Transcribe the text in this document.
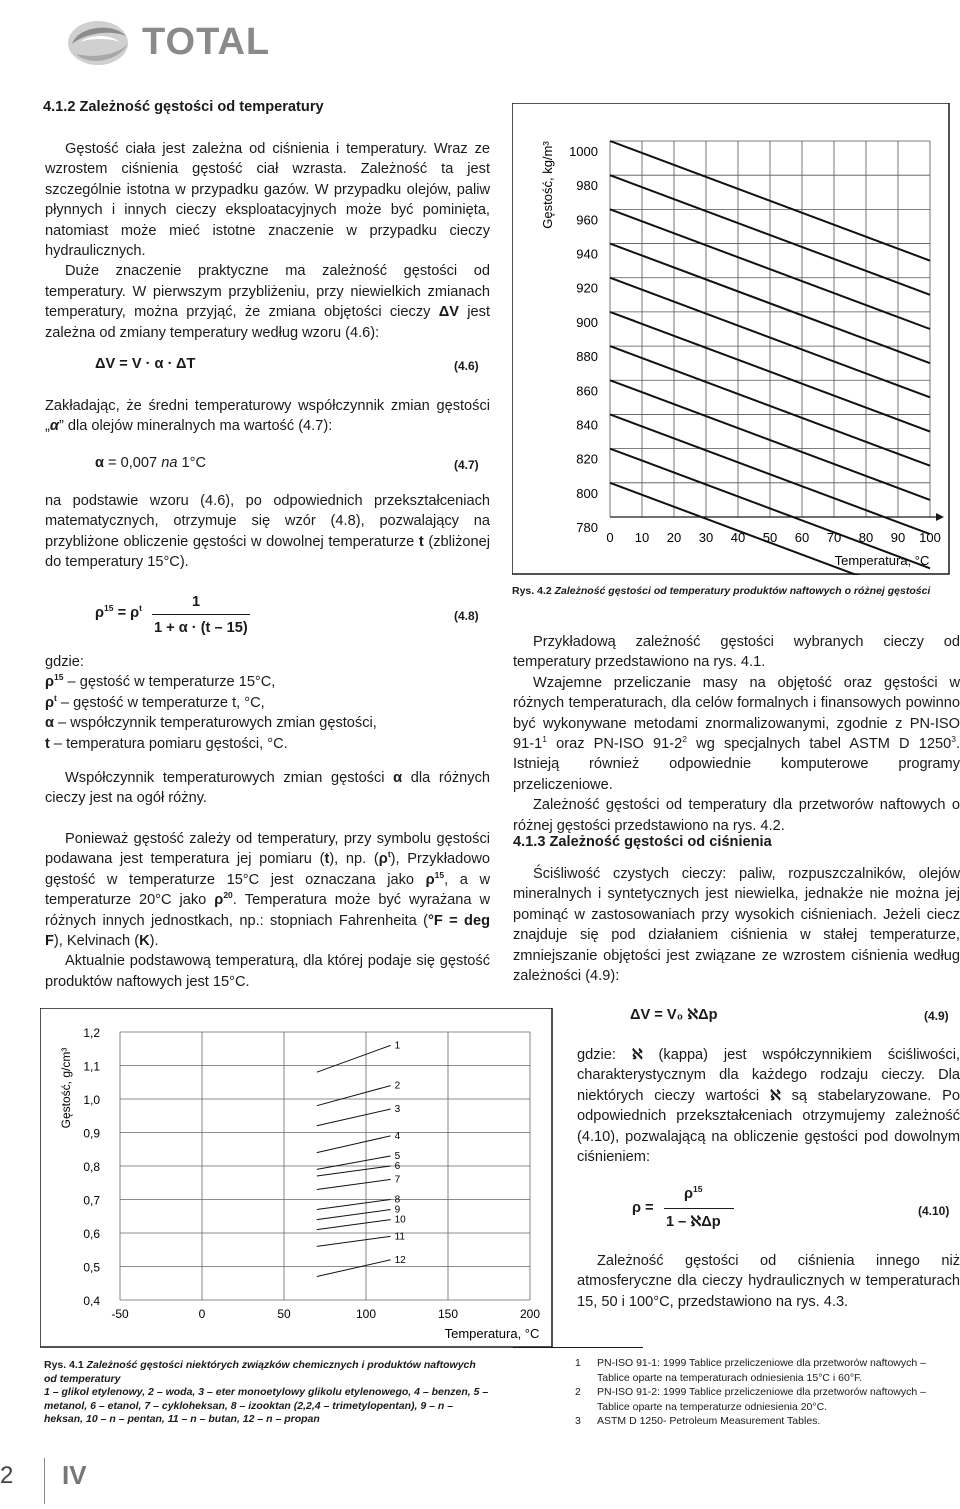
TOTAL
4.1.2 Zależność gęstości od temperatury

Gęstość ciała jest zależna od ciśnienia i temperatury. Wraz ze wzrostem ciśnienia gęstość ciał wzrasta. Zależność ta jest szczególnie istotna w przypadku gazów. W przypadku olejów, paliw płynnych i innych cieczy eksploatacyjnych może być pominięta, natomiast może mieć istotne znaczenie w przypadku cieczy hydraulicznych.

Duże znaczenie praktyczne ma zależność gęstości od temperatury. W pierwszym przybliżeniu, przy niewielkich zmianach temperatury, można przyjąć, że zmiana objętości cieczy ΔV jest zależna od zmiany temperatury według wzoru (4.6):

ΔV = V · α · ΔT	(4.6)

Zakładając, że średni temperaturowy współczynnik zmian gęstości „α” dla olejów mineralnych ma wartość (4.7):

α = 0,007 na 1°C	(4.7)

na podstawie wzoru (4.6), po odpowiednich przekształceniach matematycznych, otrzymuje się wzór (4.8), pozwalający na przybliżone obliczenie gęstości w dowolnej temperaturze t (zbliżonej do temperatury 15°C).

$\rho^{15} = \rho^t$	1
1 + α · (t – 15)
(4.8)
gdzie:
$\rho^{15}$ – gęstość w temperaturze 15°C,
$\rho^t$ – gęstość w temperaturze t, °C,
α – współczynnik temperaturowych zmian gęstości,
t – temperatura pomiaru gęstości, °C.

Współczynnik temperaturowych zmian gęstości α dla różnych cieczy jest na ogół różny.

Ponieważ gęstość zależy od temperatury, przy symbolu gęstości podawana jest temperatura jej pomiaru (t), np. $(\rho^t)$, Przykładowo gęstość w temperaturze 15°C jest oznaczana jako $\rho^{15}$, a w temperaturze 20°C jako $\rho^{20}$. Temperatura może być wyrażana w różnych innych jednostkach, np.: stopniach Fahrenheita (°F = deg F), Kelvinach (K).

Aktualnie podstawową temperaturą, dla której podaje się gęstość produktów naftowych jest 15°C.

0 10 20 30 40 50 60 70 80 90 100
1000
980
960
940
920
900
880
860
840
820
800
780
Gęstość, kg/m³
Temperatura, °C
Rys. 4.2 Zależność gęstości od temperatury produktów naftowych o różnej gęstości

Przykładową zależność gęstości wybranych cieczy od temperatury przedstawiono na rys. 4.1.

Wzajemne przeliczanie masy na objętość oraz gęstości w różnych temperaturach, dla celów formalnych i finansowych powinno być wykonywane metodami znormalizowanymi, zgodnie z PN-ISO $91-1^1$ oraz PN-ISO $91-2^2$ wg specjalnych tabel ASTM D 1250$^3$. Istnieją również odpowiednie komputerowe programy przeliczeniowe.

Zależność gęstości od temperatury dla przetworów naftowych o różnej gęstości przedstawiono na rys. 4.2.

4.1.3 Zależność gęstości od ciśnienia

Ściśliwość czystych cieczy: paliw, rozpuszczalników, olejów mineralnych i syntetycznych jest niewielka, jednakże nie można jej pominąć w zastosowaniach przy wysokich ciśnieniach. Jeżeli ciecz znajduje się pod działaniem ciśnienia w stałej temperaturze, zmniejszanie objętości jest związane ze wzrostem ciśnienia według zależności (4.9):

ΔV = V₀ ℵΔp	(4.9)

gdzie: ℵ (kappa) jest współczynnikiem ściśliwości, charakterystycznym dla każdego rodzaju cieczy. Dla niektórych cieczy wartości ℵ są stabelaryzowane. Po odpowiednich przekształceniach otrzymujemy zależność (4.10), pozwalającą na obliczenie gęstości pod dowolnym ciśnieniem:

ρ =
$\rho^{15}$
1 – ℵΔp
(4.10)

Zależność gęstości od ciśnienia innego niż atmosferyczne dla cieczy hydraulicznych w temperaturach 15, 50 i 100°C, przedstawiono na rys. 4.3.

-50	0	50	100	150	200
1,2
1,1
1,0
0,9
0,8
0,7
0,6
0,5
0,4
1
2
3
4
5
6
7
8
9
10
11
12
Gęstość, g/cm³
Temperatura, °C
Rys. 4.1 Zależność gęstości niektórych związków chemicznych i produktów naftowych od temperatury
1 – glikol etylenowy, 2 – woda, 3 – eter monoetylowy glikolu etylenowego, 4 – benzen, 5 – metanol, 6 – etanol, 7 – cykloheksan, 8 – izooktan (2,2,4 – trimetylopentan), 9 – n – heksan, 10 – n – pentan, 11 – n – butan, 12 – n – propan
1 PN-ISO 91-1: 1999 Tablice przeliczeniowe dla przetworów naftowych – Tablice oparte na temperaturach odniesienia 15°C i 60°F.
2 PN-ISO 91-2: 1999 Tablice przeliczeniowe dla przetworów naftowych – Tablice oparte na temperaturze odniesienia 20°C.
3 ASTM D 1250- Petroleum Measurement Tables.
2 IV
